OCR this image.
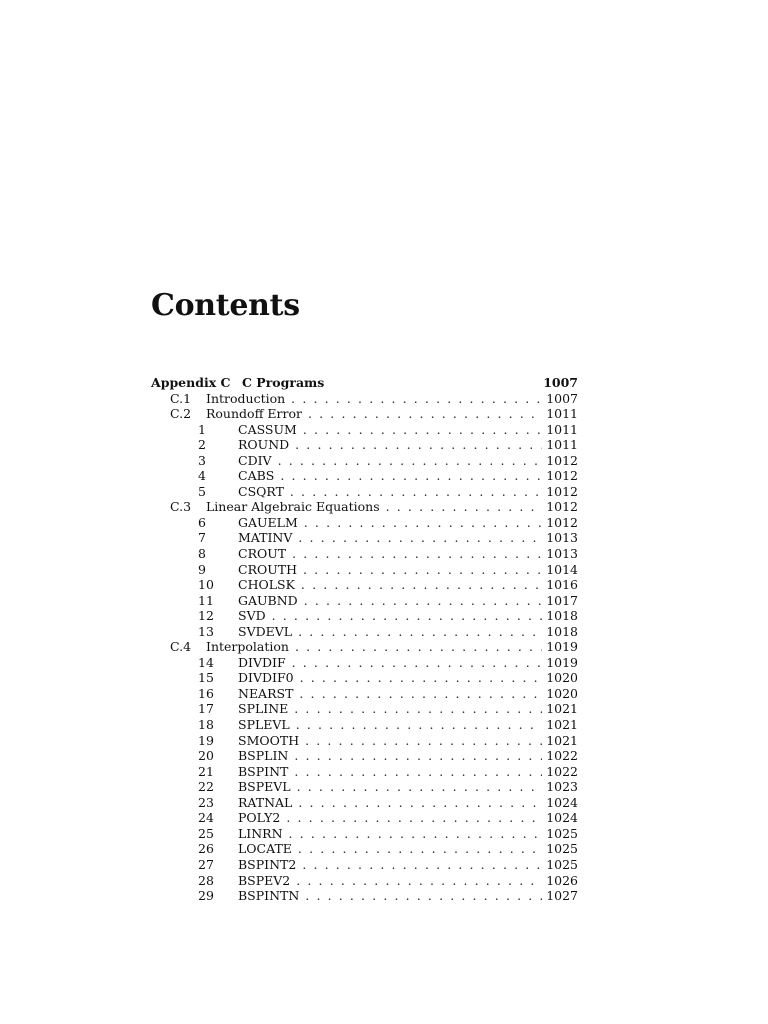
Contents
Appendix C C Programs	1007
C.1	Introduction . . .	1007
C.2	Roundoff Error . . .	1011
1	CASSUM . . .	1011
2	ROUND . . .	1011
3	CDIV . . .	1012
4	CABS . . .	1012
5	CSQRT . . .	1012
C.3	Linear Algebraic Equations . . .	1012
6	GAUELM . . .	1012
7	MATINV . . .	1013
8	CROUT . . .	1013
9	CROUTH . . .	1014
10	CHOLSK . . .	1016
11	GAUBND . . .	1017
12	SVD . . .	1018
13	SVDEVL . . .	1018
C.4	Interpolation . . .	1019
14	DIVDIF . . .	1019
15	DIVDIF0 . . .	1020
16	NEARST . . .	1020
17	SPLINE . . .	1021
18	SPLEVL . . .	1021
19	SMOOTH . . .	1021
20	BSPLIN . . .	1022
21	BSPINT . . .	1022
22	BSPEVL . . .	1023
23	RATNAL . . .	1024
24	POLY2 . . .	1024
25	LINRN . . .	1025
26	LOCATE . . .	1025
27	BSPINT2 . . .	1025
28	BSPEV2 . . .	1026
29	BSPINTN . . .	1027
